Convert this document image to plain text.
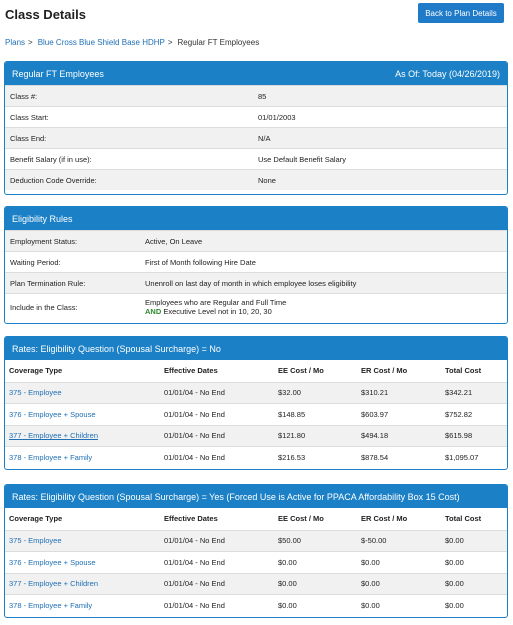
Class Details	Back to Plan Details
Plans > Blue Cross Blue Shield Base HDHP > Regular FT Employees
Regular FT Employees	As Of: Today (04/26/2019)
Class #:	85
Class Start:	01/01/2003
Class End:	N/A
Benefit Salary (if in use):	Use Default Benefit Salary
Deduction Code Override:	None
Eligibility Rules
Employment Status:	Active, On Leave
Waiting Period:	First of Month following Hire Date
Plan Termination Rule:	Unenroll on last day of month in which employee loses eligibility
Include in the Class:	Employees who are Regular and Full Time
AND Executive Level not in 10, 20, 30
Rates: Eligibility Question (Spousal Surcharge) = No
Coverage Type	Effective Dates	EE Cost / Mo	ER Cost / Mo	Total Cost
375 - Employee	01/01/04 - No End	$32.00	$310.21	$342.21
376 - Employee + Spouse	01/01/04 - No End	$148.85	$603.97	$752.82
377 - Employee + Children	01/01/04 - No End	$121.80	$494.18	$615.98
378 - Employee + Family	01/01/04 - No End	$216.53	$878.54	$1,095.07
Rates: Eligibility Question (Spousal Surcharge) = Yes (Forced Use is Active for PPACA Affordability Box 15 Cost)
Coverage Type	Effective Dates	EE Cost / Mo	ER Cost / Mo	Total Cost
375 - Employee	01/01/04 - No End	$50.00	$-50.00	$0.00
376 - Employee + Spouse	01/01/04 - No End	$0.00	$0.00	$0.00
377 - Employee + Children	01/01/04 - No End	$0.00	$0.00	$0.00
378 - Employee + Family	01/01/04 - No End	$0.00	$0.00	$0.00
